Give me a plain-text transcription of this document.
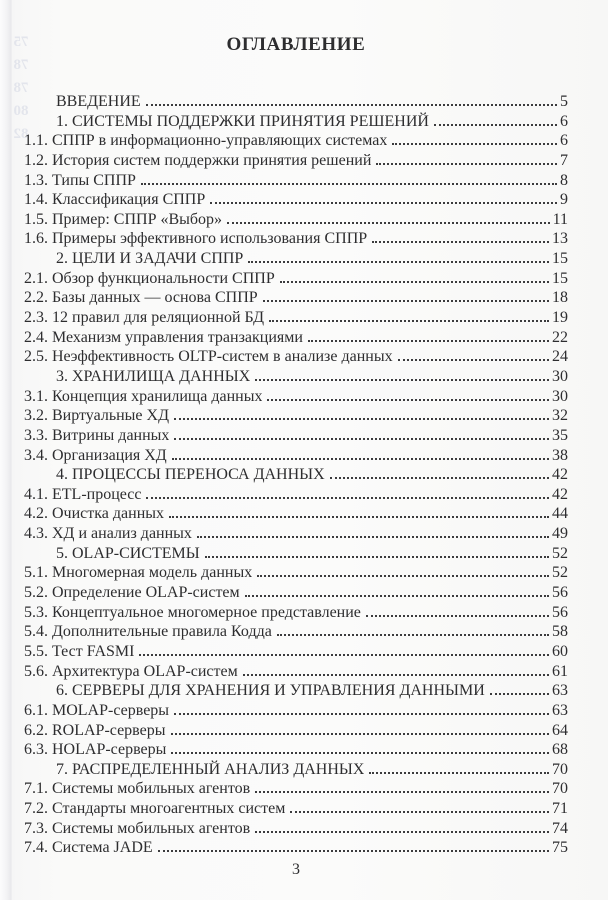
75
78
78
80
82
ОГЛАВЛЕНИЕ
ВВЕДЕНИЕ	5
1. СИСТЕМЫ ПОДДЕРЖКИ ПРИНЯТИЯ РЕШЕНИЙ	6
1.1. СППР в информационно-управляющих системах	6
1.2. История систем поддержки принятия решений	7
1.3. Типы СППР	8
1.4. Классификация СППР	9
1.5. Пример: СППР «Выбор»	11
1.6. Примеры эффективного использования СППР	13
2. ЦЕЛИ И ЗАДАЧИ СППР	15
2.1. Обзор функциональности СППР	15
2.2. Базы данных — основа СППР	18
2.3. 12 правил для реляционной БД	19
2.4. Механизм управления транзакциями	22
2.5. Неэффективность OLTP-систем в анализе данных	24
3. ХРАНИЛИЩА ДАННЫХ	30
3.1. Концепция хранилища данных	30
3.2. Виртуальные ХД	32
3.3. Витрины данных	35
3.4. Организация ХД	38
4. ПРОЦЕССЫ ПЕРЕНОСА ДАННЫХ	42
4.1. ETL-процесс	42
4.2. Очистка данных	44
4.3. ХД и анализ данных	49
5. OLAP-СИСТЕМЫ	52
5.1. Многомерная модель данных	52
5.2. Определение OLAP-систем	56
5.3. Концептуальное многомерное представление	56
5.4. Дополнительные правила Кодда	58
5.5. Тест FASMI	60
5.6. Архитектура OLAP-систем	61
6. СЕРВЕРЫ ДЛЯ ХРАНЕНИЯ И УПРАВЛЕНИЯ ДАННЫМИ	63
6.1. MOLAP-серверы	63
6.2. ROLAP-серверы	64
6.3. HOLAP-серверы	68
7. РАСПРЕДЕЛЕННЫЙ АНАЛИЗ ДАННЫХ	70
7.1. Системы мобильных агентов	70
7.2. Стандарты многоагентных систем	71
7.3. Системы мобильных агентов	74
7.4. Система JADE	75
3
